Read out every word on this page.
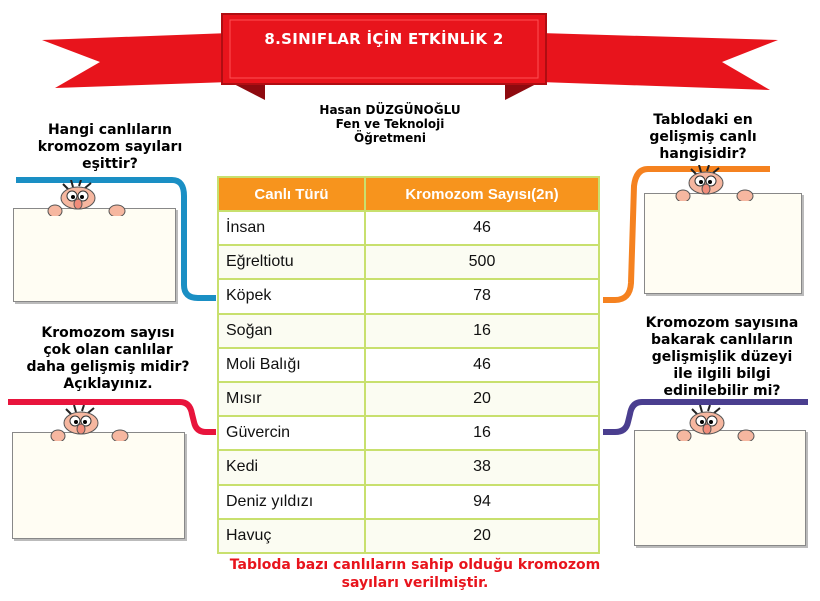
8.SINIFLAR İÇİN ETKİNLİK 2
Hasan DÜZGÜNOĞLU
Fen ve Teknoloji
Öğretmeni
Hangi canlıların
kromozom sayıları
eşittir?
Tablodaki en
gelişmiş canlı
hangisidir?
Kromozom sayısı
çok olan canlılar
daha gelişmiş midir?
Açıklayınız.
Kromozom sayısına
bakarak canlıların
gelişmişlik düzeyi
ile ilgili bilgi
edinilebilir mi?
Canlı Türü	Kromozom Sayısı(2n)
İnsan	46
Eğreltiotu	500
Köpek	78
Soğan	16
Moli Balığı	46
Mısır	20
Güvercin	16
Kedi	38
Deniz yıldızı	94
Havuç	20
Tabloda bazı canlıların sahip olduğu kromozom
sayıları verilmiştir.
